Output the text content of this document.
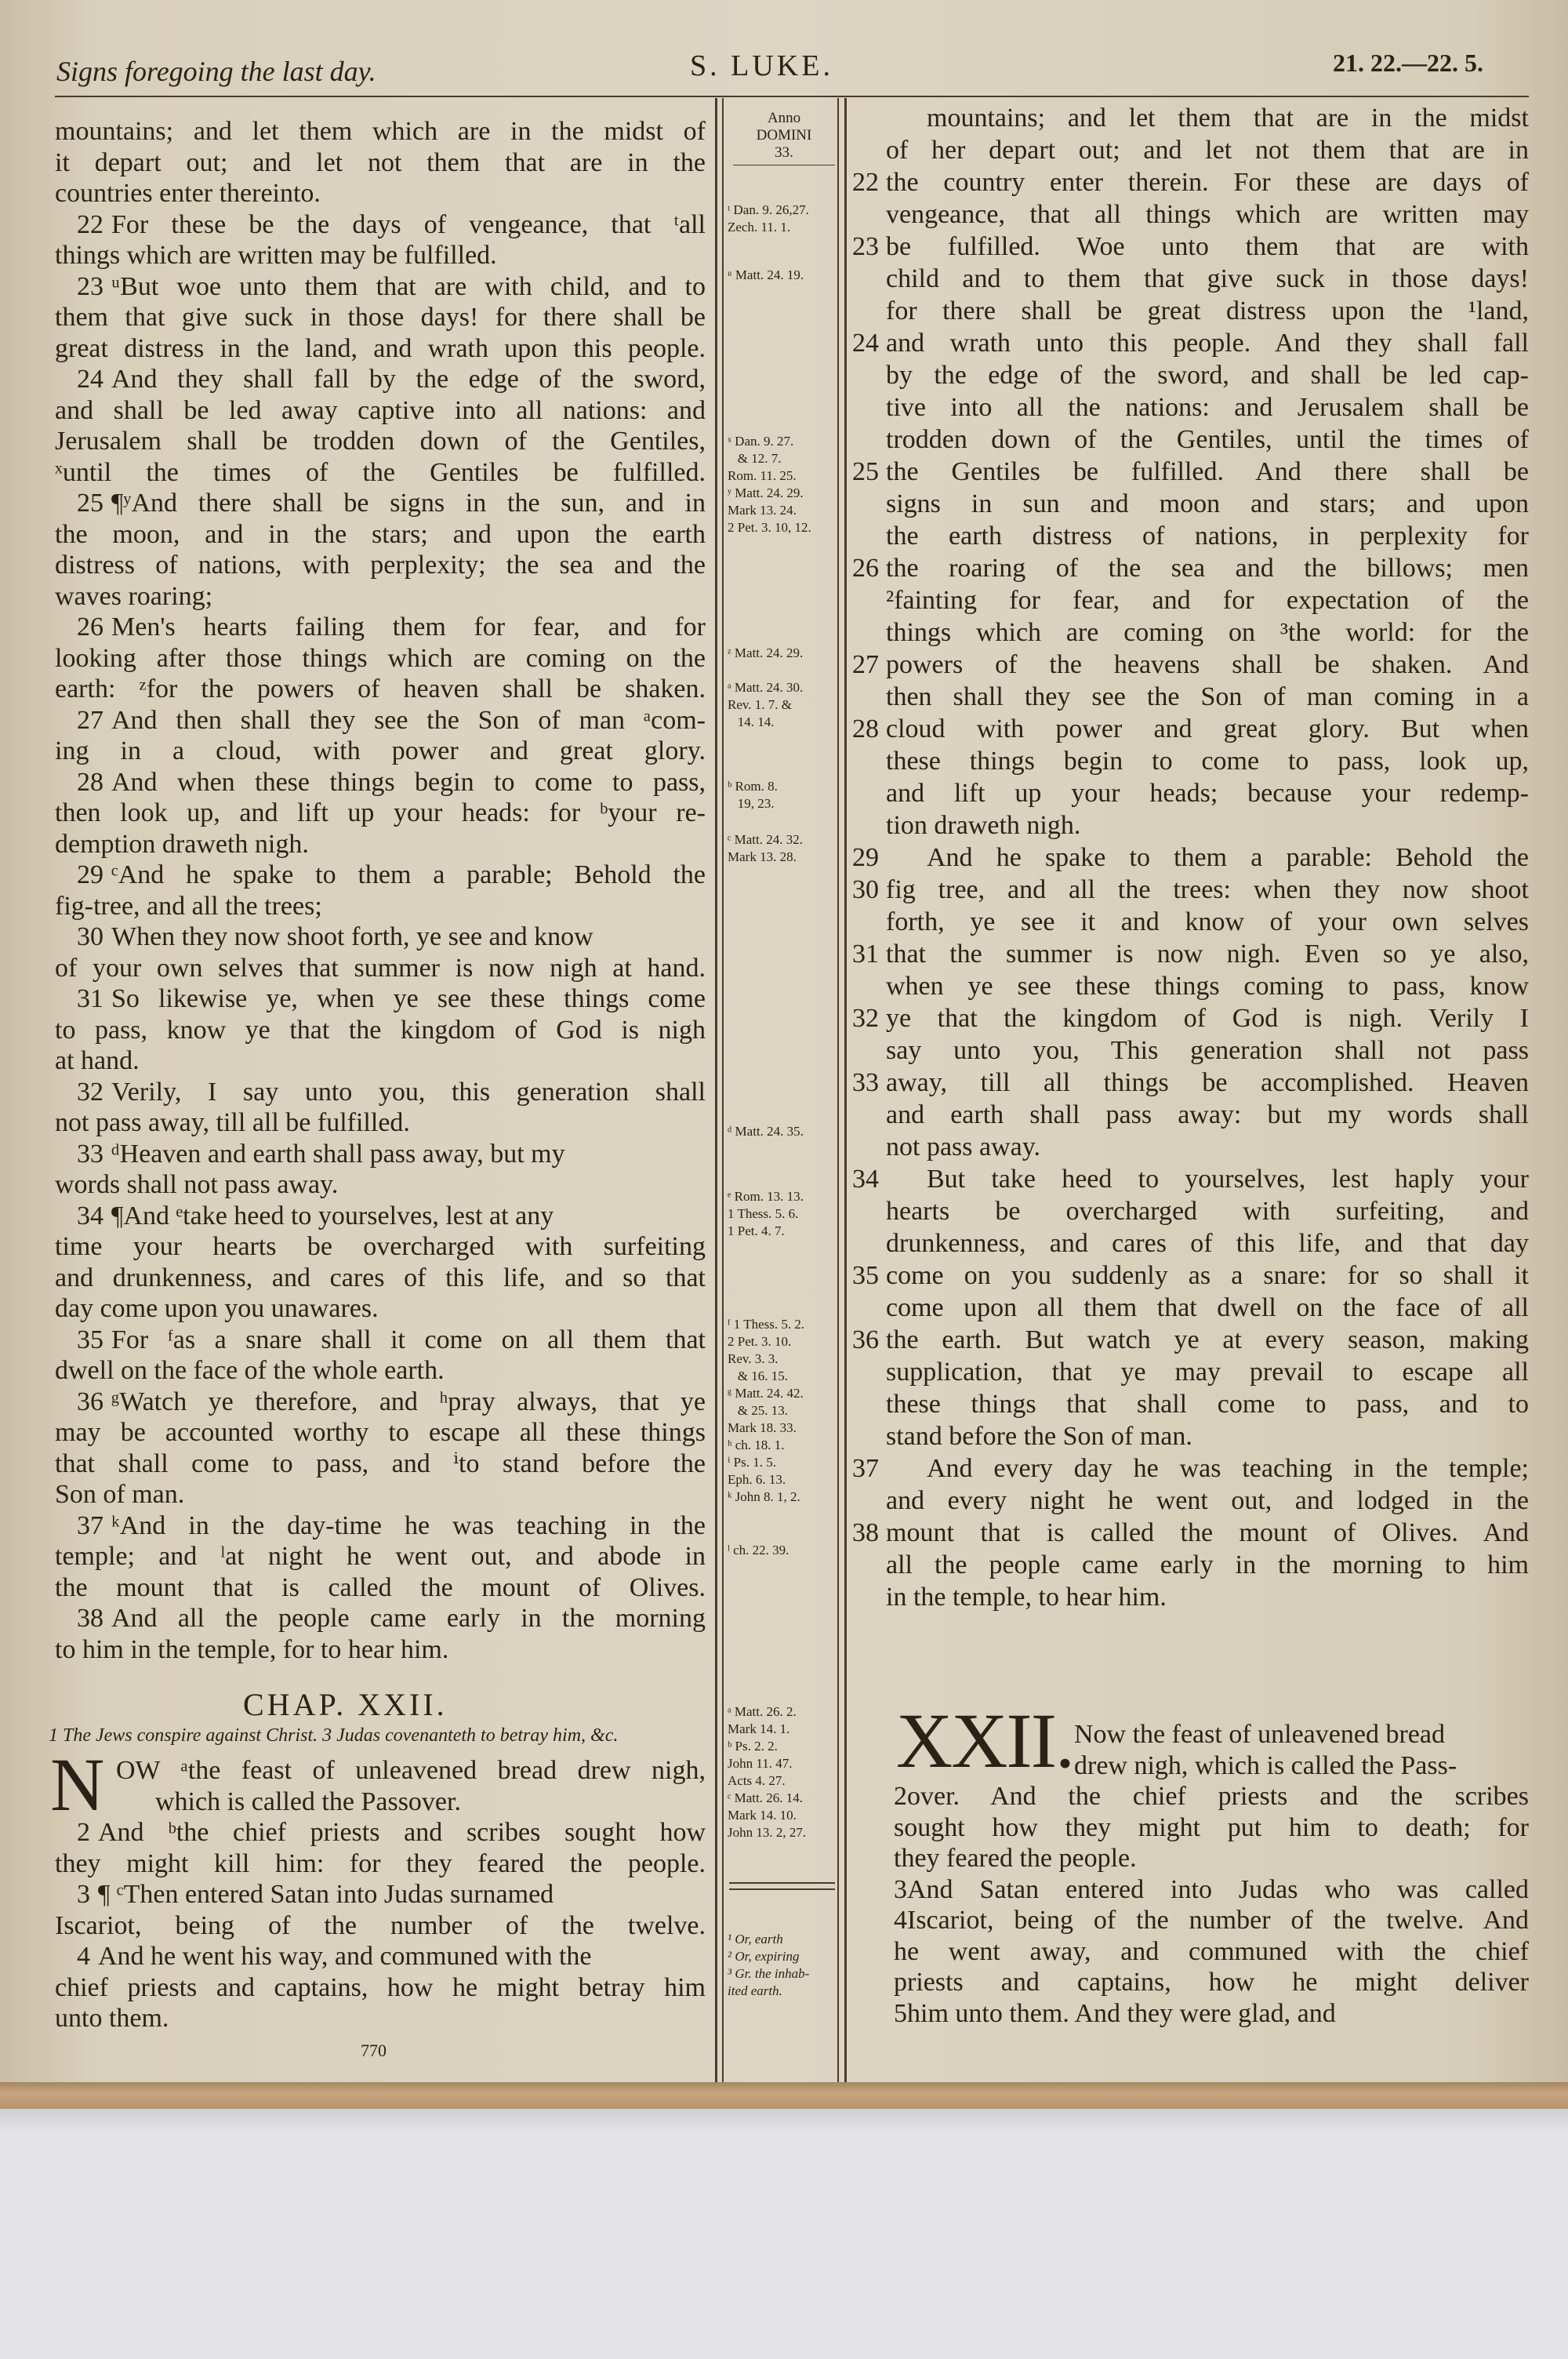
Signs foregoing the last day.	S. LUKE.	21. 22.—22. 5.
Anno
DOMINI
33.
ᵗ Dan. 9. 26,27.
Zech. 11. 1.
ᵘ Matt. 24. 19.
ˣ Dan. 9. 27.
& 12. 7.
Rom. 11. 25.
ʸ Matt. 24. 29.
Mark 13. 24.
2 Pet. 3. 10, 12.
ᶻ Matt. 24. 29.
ᵃ Matt. 24. 30.
Rev. 1. 7. &
14. 14.
ᵇ Rom. 8.
19, 23.
ᶜ Matt. 24. 32.
Mark 13. 28.
ᵈ Matt. 24. 35.
ᵉ Rom. 13. 13.
1 Thess. 5. 6.
1 Pet. 4. 7.
ᶠ 1 Thess. 5. 2.
2 Pet. 3. 10.
Rev. 3. 3.
& 16. 15.
ᵍ Matt. 24. 42.
& 25. 13.
Mark 18. 33.
ʰ ch. 18. 1.
ⁱ Ps. 1. 5.
Eph. 6. 13.
ᵏ John 8. 1, 2.
ˡ ch. 22. 39.
ᵃ Matt. 26. 2.
Mark 14. 1.
ᵇ Ps. 2. 2.
John 11. 47.
Acts 4. 27.
ᶜ Matt. 26. 14.
Mark 14. 10.
John 13. 2, 27.
¹ Or, earth
² Or, expiring
³ Gr. the inhab-
ited earth.
mountains; and let them which are in the midst of
it depart out; and let not them that are in the
countries enter thereinto.
22 For these be the days of vengeance, that ᵗall
things which are written may be fulfilled.
23 ᵘBut woe unto them that are with child, and to
them that give suck in those days! for there shall be
great distress in the land, and wrath upon this people.
24 And they shall fall by the edge of the sword,
and shall be led away captive into all nations: and
Jerusalem shall be trodden down of the Gentiles,
ˣuntil the times of the Gentiles be fulfilled.
25 ¶ʸAnd there shall be signs in the sun, and in
the moon, and in the stars; and upon the earth
distress of nations, with perplexity; the sea and the
waves roaring;
26 Men's hearts failing them for fear, and for
looking after those things which are coming on the
earth: ᶻfor the powers of heaven shall be shaken.
27 And then shall they see the Son of man ᵃcom-
ing in a cloud, with power and great glory.
28 And when these things begin to come to pass,
then look up, and lift up your heads: for ᵇyour re-
demption draweth nigh.
29 ᶜAnd he spake to them a parable; Behold the
fig-tree, and all the trees;
30 When they now shoot forth, ye see and know
of your own selves that summer is now nigh at hand.
31 So likewise ye, when ye see these things come
to pass, know ye that the kingdom of God is nigh
at hand.
32 Verily, I say unto you, this generation shall
not pass away, till all be fulfilled.
33 ᵈHeaven and earth shall pass away, but my
words shall not pass away.
34 ¶And ᵉtake heed to yourselves, lest at any
time your hearts be overcharged with surfeiting
and drunkenness, and cares of this life, and so that
day come upon you unawares.
35 For ᶠas a snare shall it come on all them that
dwell on the face of the whole earth.
36 ᵍWatch ye therefore, and ʰpray always, that ye
may be accounted worthy to escape all these things
that shall come to pass, and ⁱto stand before the
Son of man.
37 ᵏAnd in the day-time he was teaching in the
temple; and ˡat night he went out, and abode in
the mount that is called the mount of Olives.
38 And all the people came early in the morning
to him in the temple, for to hear him.
CHAP. XXII.
1 The Jews conspire against Christ. 3 Judas covenanteth to betray him, &c.
N OW ᵃthe feast of unleavened bread drew nigh,
which is called the Passover.
2 And ᵇthe chief priests and scribes sought how
they might kill him: for they feared the people.
3 ¶ ᶜThen entered Satan into Judas surnamed
Iscariot, being of the number of the twelve.
4 And he went his way, and communed with the
chief priests and captains, how he might betray him
unto them.
mountains; and let them that are in the midst
of her depart out; and let not them that are in
22 the country enter therein. For these are days of
vengeance, that all things which are written may
23 be fulfilled. Woe unto them that are with
child and to them that give suck in those days!
for there shall be great distress upon the ¹land,
24 and wrath unto this people. And they shall fall
by the edge of the sword, and shall be led cap-
tive into all the nations: and Jerusalem shall be
trodden down of the Gentiles, until the times of
25 the Gentiles be fulfilled. And there shall be
signs in sun and moon and stars; and upon
the earth distress of nations, in perplexity for
26 the roaring of the sea and the billows; men
²fainting for fear, and for expectation of the
things which are coming on ³the world: for the
27 powers of the heavens shall be shaken. And
then shall they see the Son of man coming in a
28 cloud with power and great glory. But when
these things begin to come to pass, look up,
and lift up your heads; because your redemp-
tion draweth nigh.
29 And he spake to them a parable: Behold the
30 fig tree, and all the trees: when they now shoot
forth, ye see it and know of your own selves
31 that the summer is now nigh. Even so ye also,
when ye see these things coming to pass, know
32 ye that the kingdom of God is nigh. Verily I
say unto you, This generation shall not pass
33 away, till all things be accomplished. Heaven
and earth shall pass away: but my words shall
not pass away.
34 But take heed to yourselves, lest haply your
hearts be overcharged with surfeiting, and
drunkenness, and cares of this life, and that day
35 come on you suddenly as a snare: for so shall it
come upon all them that dwell on the face of all
36 the earth. But watch ye at every season, making
supplication, that ye may prevail to escape all
these things that shall come to pass, and to
stand before the Son of man.
37 And every day he was teaching in the temple;
and every night he went out, and lodged in the
38 mount that is called the mount of Olives. And
all the people came early in the morning to him
in the temple, to hear him.
XXII. Now the feast of unleavened bread
drew nigh, which is called the Pass-
2over. And the chief priests and the scribes
sought how they might put him to death; for
they feared the people.
3And Satan entered into Judas who was called
4Iscariot, being of the number of the twelve. And
he went away, and communed with the chief
priests and captains, how he might deliver
5him unto them. And they were glad, and
770
